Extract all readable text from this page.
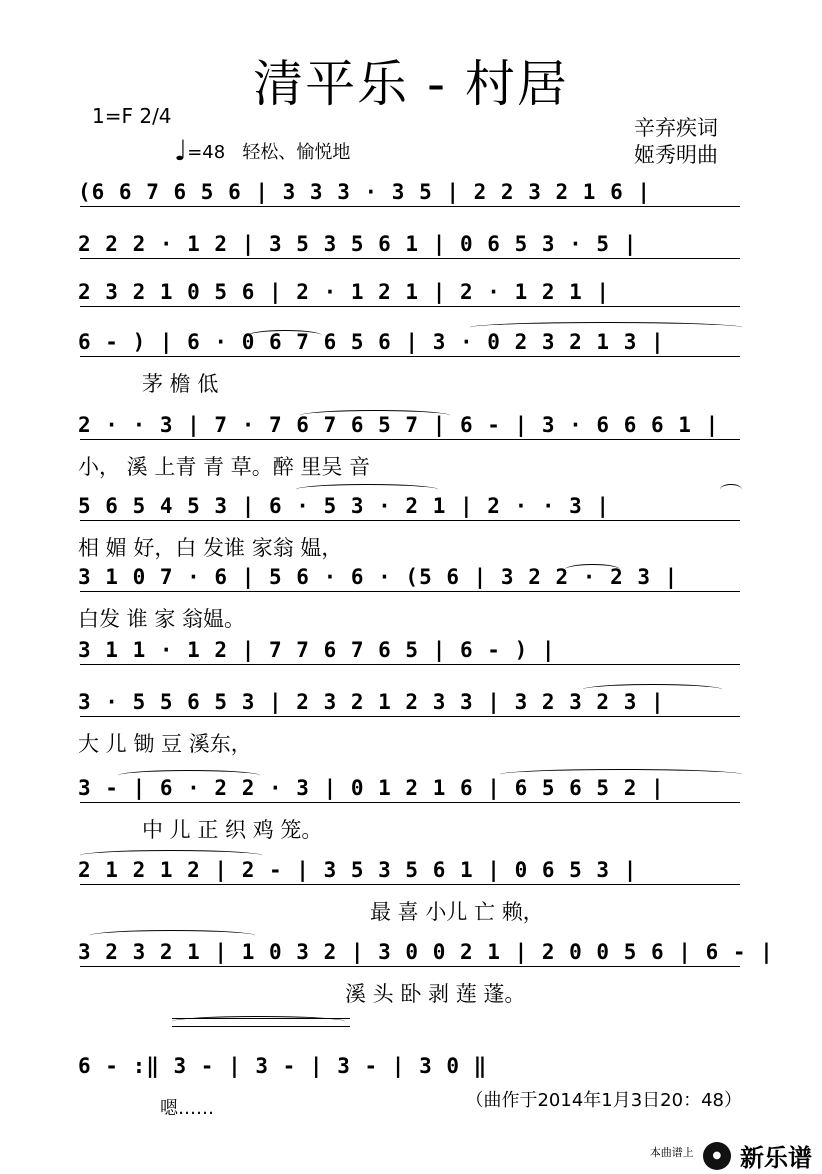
清平乐 - 村居
1=F 2/4
♩=48 轻松、愉悦地
辛弃疾词
姬秀明曲
(6 6 7 6 5 6 | 3 3 3 · 3 5 | 2 2 3 2 1 6 |
2 2 2 · 1 2 | 3 5 3 5 6 1 | 0 6 5 3 · 5 |
2 3 2 1 0 5 6 | 2 · 1 2 1 | 2 · 1 2 1 |
6 - ) | 6 · 0 6 7 6 5 6 | 3 · 0 2 3 2 1 3 |
茅 檐 低
2 · · 3 | 7 · 7 6 7 6 5 7 | 6 - | 3 · 6 6 6 1 |
小， 溪 上青 青 草。醉 里吴 音
5 6 5 4 5 3 | 6 · 5 3 · 2 1 | 2 · · 3 |
相 媚 好，白 发谁 家翁 媪，
3 1 0 7 · 6 | 5 6 · 6 · (5 6 | 3 2 2 · 2 3 |
白发 谁 家 翁媪。
3 1 1 · 1 2 | 7 7 6 7 6 5 | 6 - ) |
3 · 5 5 6 5 3 | 2 3 2 1 2 3 3 | 3 2 3 2 3 |
大 儿 锄 豆 溪东，
3 - | 6 · 2 2 · 3 | 0 1 2 1 6 | 6 5 6 5 2 |
中 儿 正 织 鸡 笼。
2 1 2 1 2 | 2 - | 3 5 3 5 6 1 | 0 6 5 3 |
最 喜 小儿 亡 赖，
3 2 3 2 1 | 1 0 3 2 | 3 0 0 2 1 | 2 0 0 5 6 | 6 - |
溪 头 卧 剥 莲 蓬。
6 - :‖ 3 - | 3 - | 3 - | 3 0 ‖
嗯……	（曲作于2014年1月3日20：48）
$^{本曲谱上}$ ● 新乐谱
